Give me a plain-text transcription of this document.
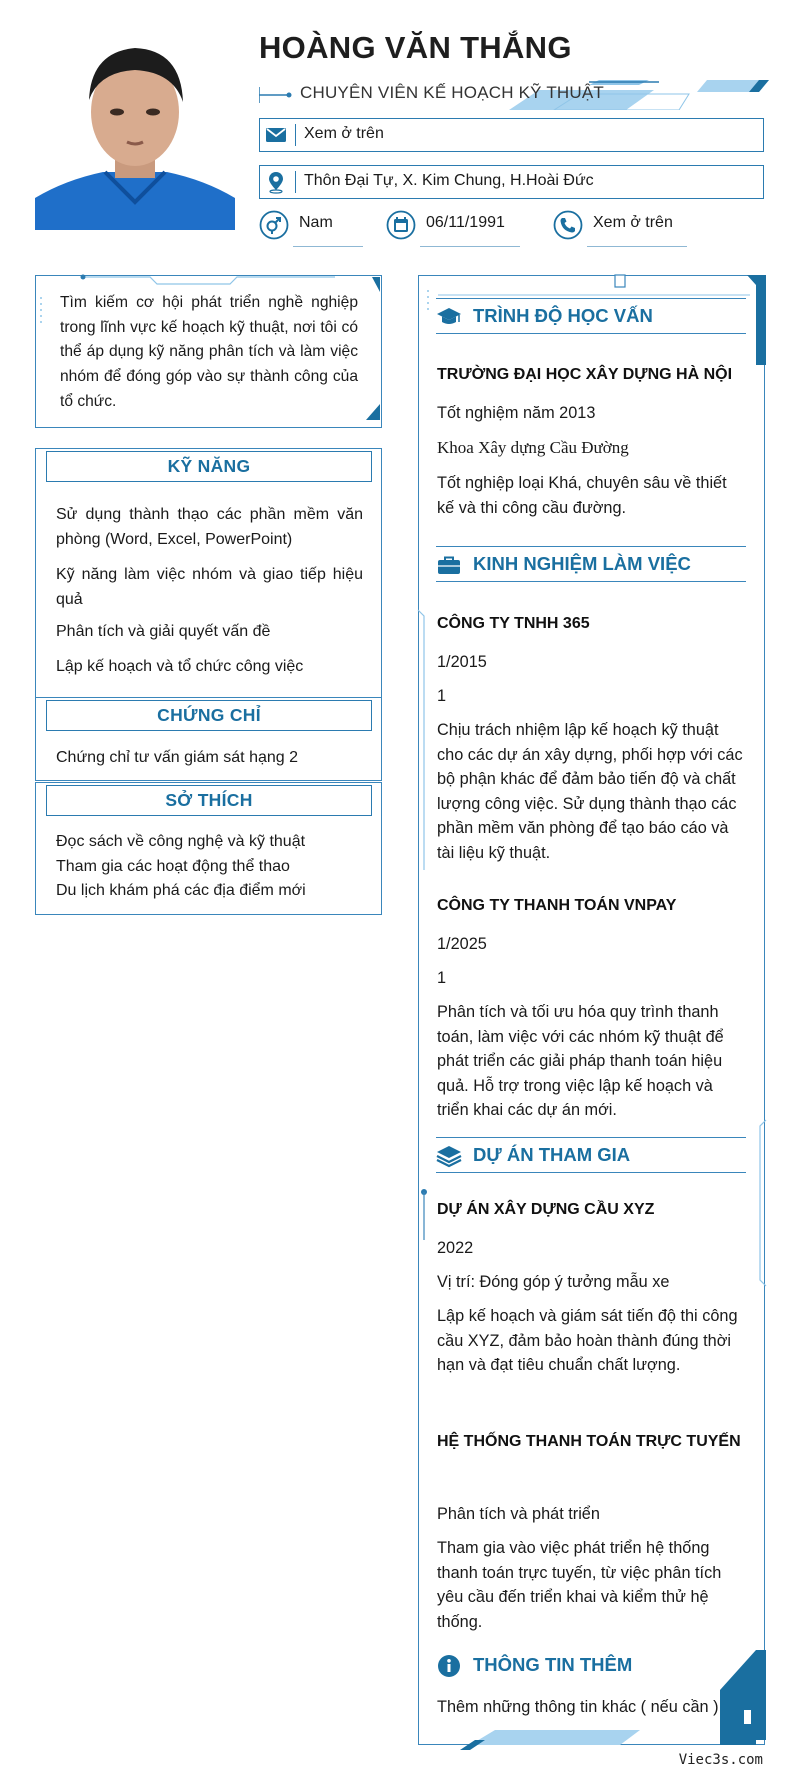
HOÀNG VĂN THẮNG
CHUYÊN VIÊN KẾ HOẠCH KỸ THUẬT
Xem ở trên
Thôn Đại Tự, X. Kim Chung, H.Hoài Đức
Nam	06/11/1991	Xem ở trên
Tìm kiếm cơ hội phát triển nghề nghiệp trong lĩnh vực kế hoạch kỹ thuật, nơi tôi có thể áp dụng kỹ năng phân tích và làm việc nhóm để đóng góp vào sự thành công của tổ chức.
KỸ NĂNG
Sử dụng thành thạo các phần mềm văn phòng (Word, Excel, PowerPoint)
Kỹ năng làm việc nhóm và giao tiếp hiệu quả
Phân tích và giải quyết vấn đề
Lập kế hoạch và tổ chức công việc
CHỨNG CHỈ
Chứng chỉ tư vấn giám sát hạng 2
SỞ THÍCH
Đọc sách về công nghệ và kỹ thuật
Tham gia các hoạt động thể thao
Du lịch khám phá các địa điểm mới
TRÌNH ĐỘ HỌC VẤN
TRƯỜNG ĐẠI HỌC XÂY DỰNG HÀ NỘI
Tốt nghiệm năm 2013
Khoa Xây dựng Cầu Đường
Tốt nghiệp loại Khá, chuyên sâu về thiết kế và thi công cầu đường.
KINH NGHIỆM LÀM VIỆC
CÔNG TY TNHH 365
1/2015
1
Chịu trách nhiệm lập kế hoạch kỹ thuật cho các dự án xây dựng, phối hợp với các bộ phận khác để đảm bảo tiến độ và chất lượng công việc. Sử dụng thành thạo các phần mềm văn phòng để tạo báo cáo và tài liệu kỹ thuật.
CÔNG TY THANH TOÁN VNPAY
1/2025
1
Phân tích và tối ưu hóa quy trình thanh toán, làm việc với các nhóm kỹ thuật để phát triển các giải pháp thanh toán hiệu quả. Hỗ trợ trong việc lập kế hoạch và triển khai các dự án mới.
DỰ ÁN THAM GIA
DỰ ÁN XÂY DỰNG CẦU XYZ
2022
Vị trí: Đóng góp ý tưởng mẫu xe
Lập kế hoạch và giám sát tiến độ thi công cầu XYZ, đảm bảo hoàn thành đúng thời hạn và đạt tiêu chuẩn chất lượng.
HỆ THỐNG THANH TOÁN TRỰC TUYẾN
Phân tích và phát triển
Tham gia vào việc phát triển hệ thống thanh toán trực tuyến, từ việc phân tích yêu cầu đến triển khai và kiểm thử hệ thống.
THÔNG TIN THÊM
Thêm những thông tin khác ( nếu cần )
Viec3s.com
